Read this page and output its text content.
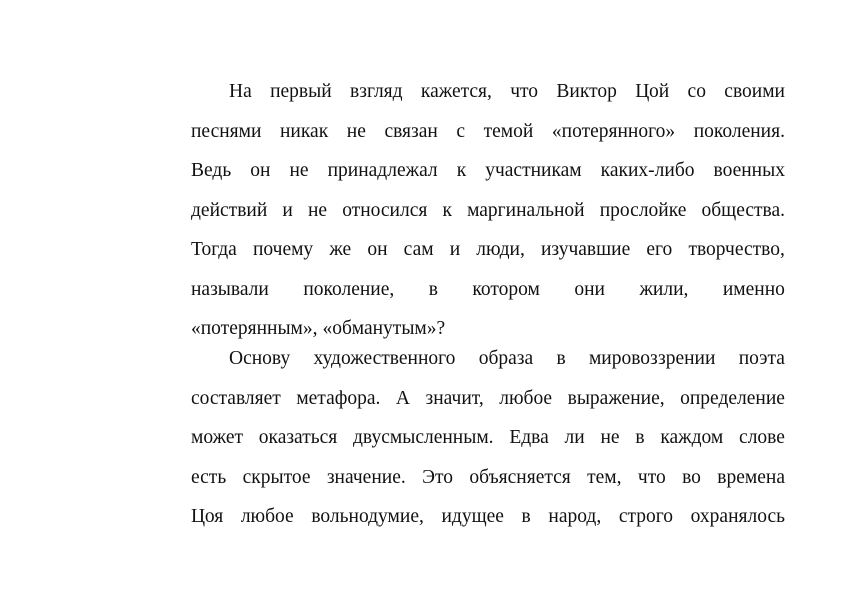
На первый взгляд кажется, что Виктор Цой со своими
песнями никак не связан с темой «потерянного» поколения.
Ведь он не принадлежал к участникам каких-либо военных
действий и не относился к маргинальной прослойке общества.
Тогда почему же он сам и люди, изучавшие его творчество,
называли поколение, в котором они жили, именно
«потерянным», «обманутым»?
Основу художественного образа в мировоззрении поэта
составляет метафора. А значит, любое выражение, определение
может оказаться двусмысленным. Едва ли не в каждом слове
есть скрытое значение. Это объясняется тем, что во времена
Цоя любое вольнодумие, идущее в народ, строго охранялось
